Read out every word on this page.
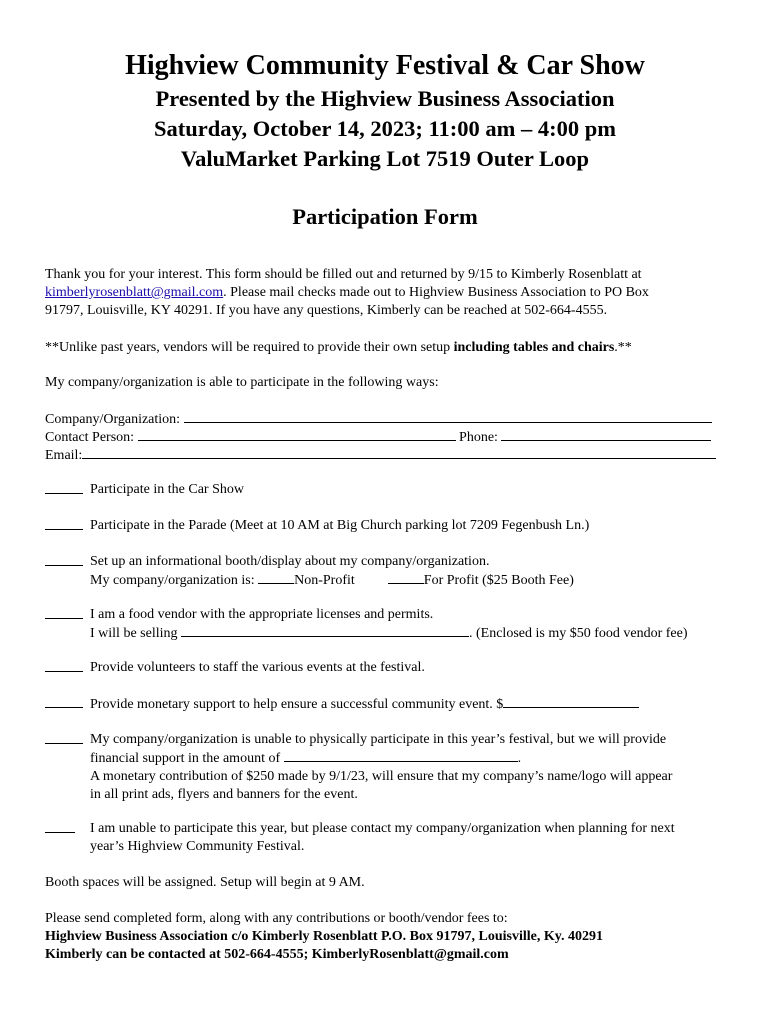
Highview Community Festival & Car Show

Presented by the Highview Business Association

Saturday, October 14, 2023; 11:00 am – 4:00 pm

ValuMarket Parking Lot 7519 Outer Loop

Participation Form

Thank you for your interest. This form should be filled out and returned by 9/15 to Kimberly Rosenblatt at
kimberlyrosenblatt@gmail.com. Please mail checks made out to Highview Business Association to PO Box
91797, Louisville, KY 40291. If you have any questions, Kimberly can be reached at 502-664-4555.
**Unlike past years, vendors will be required to provide their own setup including tables and chairs.**
My company/organization is able to participate in the following ways:
Company/Organization:
Contact Person:	Phone:
Email:
Participate in the Car Show
Participate in the Parade (Meet at 10 AM at Big Church parking lot 7209 Fegenbush Ln.)
Set up an informational booth/display about my company/organization.
My company/organization is:	Non-Profit	For Profit ($25 Booth Fee)
I am a food vendor with the appropriate licenses and permits.
I will be selling	. (Enclosed is my $50 food vendor fee)
Provide volunteers to staff the various events at the festival.
Provide monetary support to help ensure a successful community event. $
My company/organization is unable to physically participate in this year’s festival, but we will provide
financial support in the amount of	.
A monetary contribution of $250 made by 9/1/23, will ensure that my company’s name/logo will appear
in all print ads, flyers and banners for the event.
I am unable to participate this year, but please contact my company/organization when planning for next
year’s Highview Community Festival.
Booth spaces will be assigned. Setup will begin at 9 AM.
Please send completed form, along with any contributions or booth/vendor fees to:
Highview Business Association c/o Kimberly Rosenblatt P.O. Box 91797, Louisville, Ky. 40291
Kimberly can be contacted at 502-664-4555; KimberlyRosenblatt@gmail.com
